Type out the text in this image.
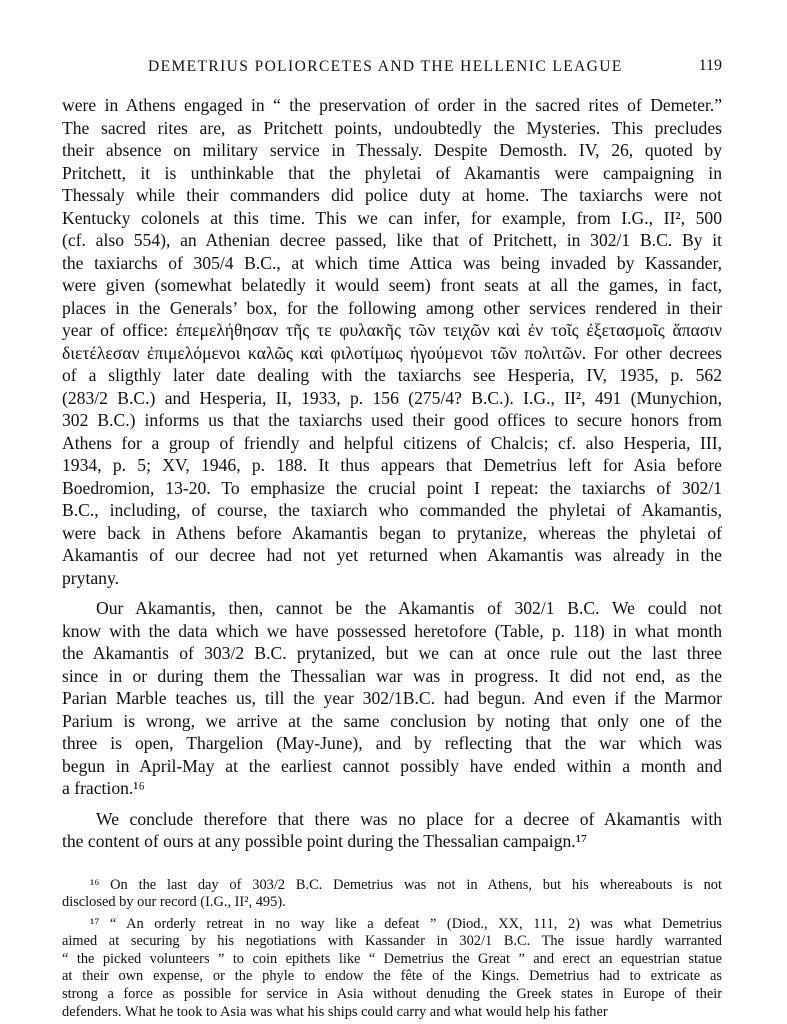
DEMETRIUS POLIORCETES AND THE HELLENIC LEAGUE	119
were in Athens engaged in “ the preservation of order in the sacred rites of Demeter.”
The sacred rites are, as Pritchett points, undoubtedly the Mysteries. This precludes
their absence on military service in Thessaly. Despite Demosth. IV, 26, quoted by
Pritchett, it is unthinkable that the phyletai of Akamantis were campaigning in
Thessaly while their commanders did police duty at home. The taxiarchs were not
Kentucky colonels at this time. This we can infer, for example, from I.G., II², 500
(cf. also 554), an Athenian decree passed, like that of Pritchett, in 302/1 B.C. By it
the taxiarchs of 305/4 B.C., at which time Attica was being invaded by Kassander,
were given (somewhat belatedly it would seem) front seats at all the games, in fact,
places in the Generals’ box, for the following among other services rendered in their
year of office: ἐπεμελήθησαν τῆς τε φυλακῆς τῶν τειχῶν καὶ ἐν τοῖς ἐξετασμοῖς ἅπασιν
διετέλεσαν ἐπιμελόμενοι καλῶς καὶ φιλοτίμως ἡγούμενοι τῶν πολιτῶν. For other decrees
of a sligthly later date dealing with the taxiarchs see Hesperia, IV, 1935, p. 562
(283/2 B.C.) and Hesperia, II, 1933, p. 156 (275/4? B.C.). I.G., II², 491 (Munychion,
302 B.C.) informs us that the taxiarchs used their good offices to secure honors from
Athens for a group of friendly and helpful citizens of Chalcis; cf. also Hesperia, III,
1934, p. 5; XV, 1946, p. 188. It thus appears that Demetrius left for Asia before
Boedromion, 13-20. To emphasize the crucial point I repeat: the taxiarchs of 302/1
B.C., including, of course, the taxiarch who commanded the phyletai of Akamantis,
were back in Athens before Akamantis began to prytanize, whereas the phyletai of
Akamantis of our decree had not yet returned when Akamantis was already in the
prytany.
Our Akamantis, then, cannot be the Akamantis of 302/1 B.C. We could not
know with the data which we have possessed heretofore (Table, p. 118) in what month
the Akamantis of 303/2 B.C. prytanized, but we can at once rule out the last three
since in or during them the Thessalian war was in progress. It did not end, as the
Parian Marble teaches us, till the year 302/1B.C. had begun. And even if the Marmor
Parium is wrong, we arrive at the same conclusion by noting that only one of the
three is open, Thargelion (May-June), and by reflecting that the war which was
begun in April-May at the earliest cannot possibly have ended within a month and
a fraction.¹⁶
We conclude therefore that there was no place for a decree of Akamantis with
the content of ours at any possible point during the Thessalian campaign.¹⁷
¹⁶ On the last day of 303/2 B.C. Demetrius was not in Athens, but his whereabouts is not
disclosed by our record (I.G., II², 495).
¹⁷ “ An orderly retreat in no way like a defeat ” (Diod., XX, 111, 2) was what Demetrius
aimed at securing by his negotiations with Kassander in 302/1 B.C. The issue hardly warranted
“ the picked volunteers ” to coin epithets like “ Demetrius the Great ” and erect an equestrian statue
at their own expense, or the phyle to endow the fête of the Kings. Demetrius had to extricate as
strong a force as possible for service in Asia without denuding the Greek states in Europe of their
defenders. What he took to Asia was what his ships could carry and what would help his father
